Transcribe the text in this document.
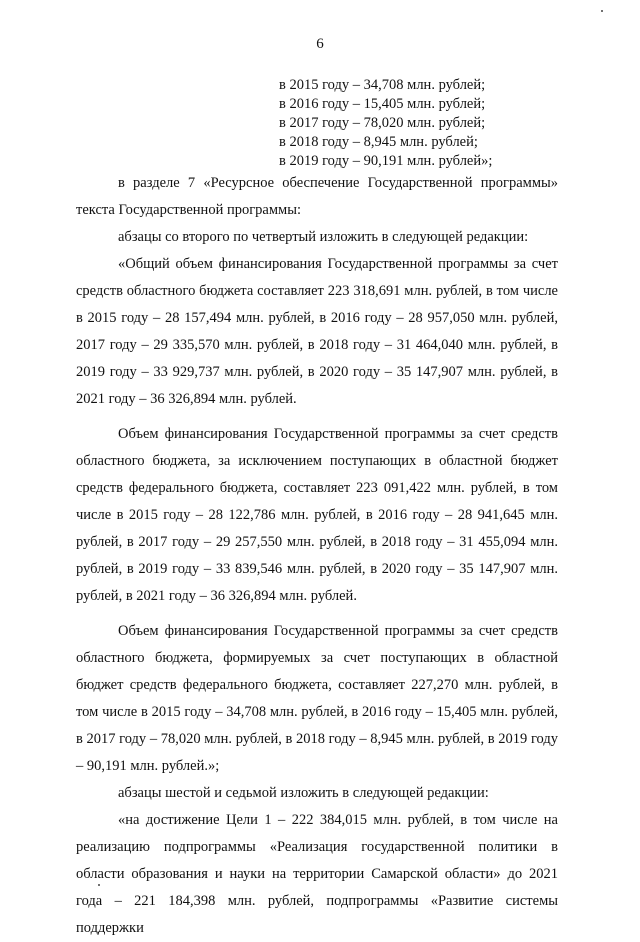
6
в 2015 году – 34,708 млн. рублей;
в 2016 году – 15,405 млн. рублей;
в 2017 году – 78,020 млн. рублей;
в 2018 году – 8,945 млн. рублей;
в 2019 году – 90,191 млн. рублей»;

в разделе 7 «Ресурсное обеспечение Государственной программы» текста Государственной программы:

абзацы со второго по четвертый изложить в следующей редакции:

«Общий объем финансирования Государственной программы за счет средств областного бюджета составляет 223 318,691 млн. рублей, в том числе в 2015 году – 28 157,494 млн. рублей, в 2016 году – 28 957,050 млн. рублей, 2017 году – 29 335,570 млн. рублей, в 2018 году – 31 464,040 млн. рублей, в 2019 году – 33 929,737 млн. рублей, в 2020 году – 35 147,907 млн. рублей, в 2021 году – 36 326,894 млн. рублей.

Объем финансирования Государственной программы за счет средств областного бюджета, за исключением поступающих в областной бюджет средств федерального бюджета, составляет 223 091,422 млн. рублей, в том числе в 2015 году – 28 122,786 млн. рублей, в 2016 году – 28 941,645 млн. рублей, в 2017 году – 29 257,550 млн. рублей, в 2018 году – 31 455,094 млн. рублей, в 2019 году – 33 839,546 млн. рублей, в 2020 году – 35 147,907 млн. рублей, в 2021 году – 36 326,894 млн. рублей.

Объем финансирования Государственной программы за счет средств областного бюджета, формируемых за счет поступающих в областной бюджет средств федерального бюджета, составляет 227,270 млн. рублей, в том числе в 2015 году – 34,708 млн. рублей, в 2016 году – 15,405 млн. рублей, в 2017 году – 78,020 млн. рублей, в 2018 году – 8,945 млн. рублей, в 2019 году – 90,191 млн. рублей.»;

абзацы шестой и седьмой изложить в следующей редакции:

«на достижение Цели 1 – 222 384,015 млн. рублей, в том числе на реализацию подпрограммы «Реализация государственной политики в области образования и науки на территории Самарской области» до 2021 года – 221 184,398 млн. рублей, подпрограммы «Развитие системы поддержки
